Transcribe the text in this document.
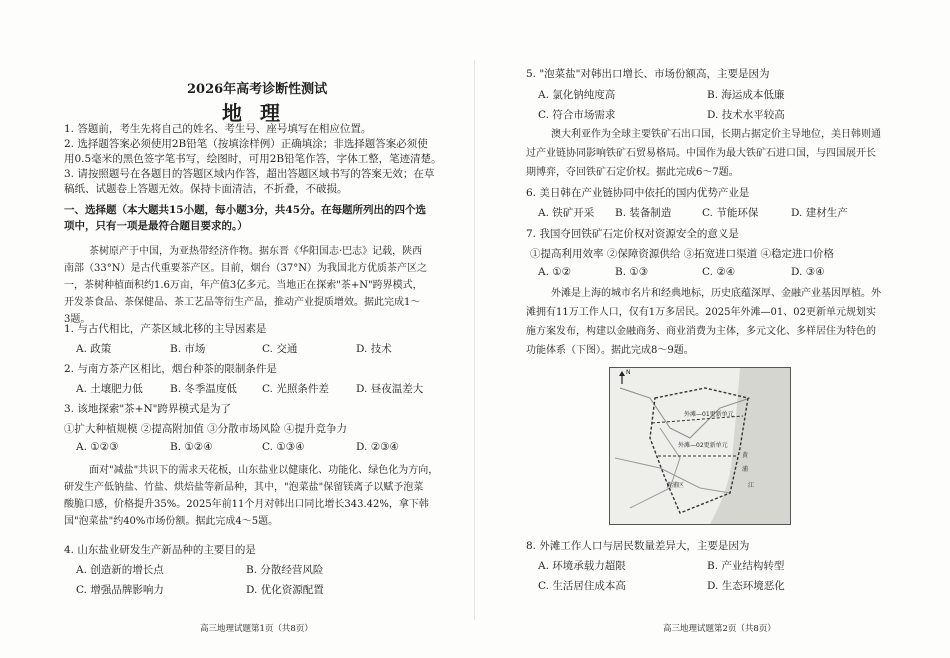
2026年高考诊断性测试
地理
1. 答题前，考生先将自己的姓名、考生号、座号填写在相应位置。
2. 选择题答案必须使用2B铅笔（按填涂样例）正确填涂；非选择题答案必须使
用0.5毫米的黑色签字笔书写，绘图时，可用2B铅笔作答，字体工整，笔迹清楚。
3. 请按照题号在各题目的答题区域内作答，超出答题区域书写的答案无效；在草
稿纸、试题卷上答题无效。保持卡面清洁，不折叠，不破损。
一、选择题（本大题共15小题，每小题3分，共45分。在每题所列出的四个选
项中，只有一项是最符合题目要求的。）
茶树原产于中国，为亚热带经济作物。据东晋《华阳国志·巴志》记载，陕西
南部（33°N）是古代重要茶产区。目前，烟台（37°N）为我国北方优质茶产区之
一，茶树种植面积约1.6万亩，年产值3亿多元。当地正在探索"茶+N"跨界模式，
开发茶食品、茶保健品、茶工艺品等衍生产品，推动产业提质增效。据此完成1～
3题。
1. 与古代相比，产茶区域北移的主导因素是
A. 政策	B. 市场	C. 交通	D. 技术
2. 与南方茶产区相比，烟台种茶的限制条件是
A. 土壤肥力低	B. 冬季温度低 C. 光照条件差	D. 昼夜温差大
3. 该地探索"茶+N"跨界模式是为了
①扩大种植规模 ②提高附加值 ③分散市场风险 ④提升竞争力
A. ①②③	B. ①②④	C. ①③④	D. ②③④
面对"减盐"共识下的需求天花板，山东盐业以健康化、功能化、绿色化为方向，
研发生产低钠盐、竹盐、烘焙盐等新品种，其中，"泡菜盐"保留镁离子以赋予泡菜
酸脆口感，价格提升35%。2025年前11个月对韩出口同比增长343.42%，拿下韩
国"泡菜盐"约40%市场份额。据此完成4～5题。
4. 山东盐业研发生产新品种的主要目的是
A. 创造新的增长点	B. 分散经营风险
C. 增强品牌影响力	D. 优化资源配置
高三地理试题第1页（共8页）
5. "泡菜盐"对韩出口增长、市场份额高，主要是因为
A. 氯化钠纯度高	B. 海运成本低廉
C. 符合市场需求	D. 技术水平较高
澳大利亚作为全球主要铁矿石出口国，长期占据定价主导地位，美日韩则通
过产业链协同影响铁矿石贸易格局。中国作为最大铁矿石进口国，与四国展开长
期博弈，夺回铁矿石定价权。据此完成6～7题。
6. 美日韩在产业链协同中依托的国内优势产业是
A. 铁矿开采 B. 装备制造	C. 节能环保	D. 建材生产
7. 我国夺回铁矿石定价权对资源安全的意义是
①提高利用效率 ②保障资源供给 ③拓宽进口渠道 ④稳定进口价格
A. ①②	B. ①③	C. ②④	D. ③④
外滩是上海的城市名片和经典地标，历史底蕴深厚、金融产业基因厚植。外
滩拥有11万工作人口，仅有1万多居民。2025年外滩—01、02更新单元规划实
施方案发布，构建以金融商务、商业消费为主体，多元文化、多样居住为特色的
功能体系（下图）。据此完成8～9题。
N
外滩—01更新单元
外滩—02更新单元
黄浦区
黄
浦
江
8. 外滩工作人口与居民数量差异大，主要是因为
A. 环境承载力超限	B. 产业结构转型
C. 生活居住成本高	D. 生态环境恶化
高三地理试题第2页（共8页）
